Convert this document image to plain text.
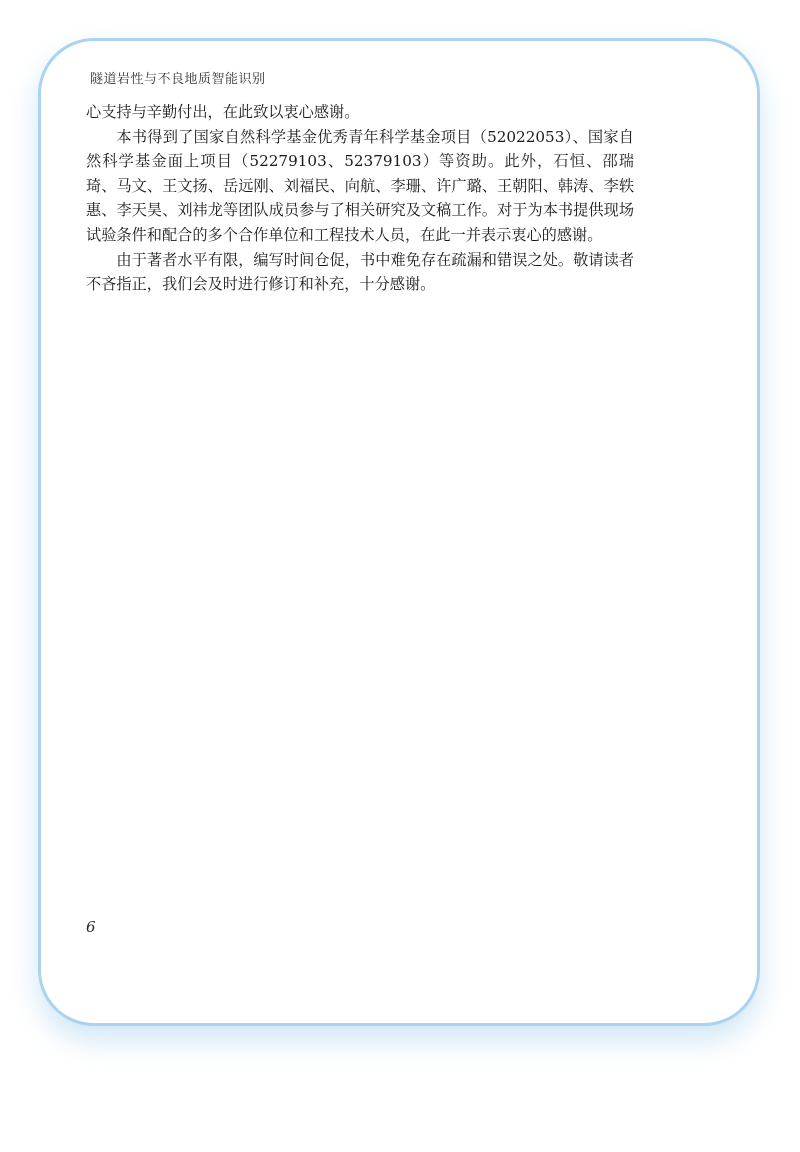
隧道岩性与不良地质智能识别

心支持与辛勤付出，在此致以衷心感谢。

本书得到了国家自然科学基金优秀青年科学基金项目（52022053）、国家自然科学基金面上项目（52279103、52379103）等资助。此外，石恒、邵瑞琦、马文、王文扬、岳远刚、刘福民、向航、李珊、许广璐、王朝阳、韩涛、李轶惠、李天昊、刘祎龙等团队成员参与了相关研究及文稿工作。对于为本书提供现场试验条件和配合的多个合作单位和工程技术人员，在此一并表示衷心的感谢。

由于著者水平有限，编写时间仓促，书中难免存在疏漏和错误之处。敬请读者不吝指正，我们会及时进行修订和补充，十分感谢。

6
